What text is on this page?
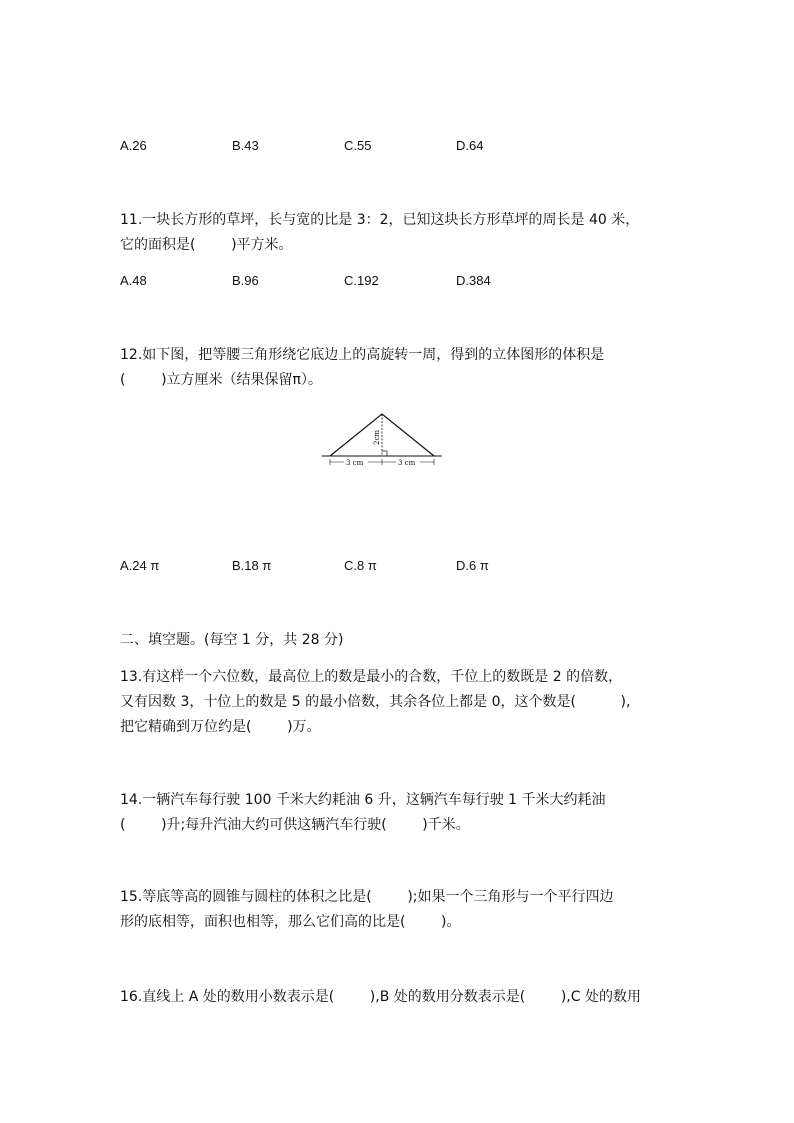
A.26	B.43	C.55	D.64
11.一块长方形的草坪，长与宽的比是 3：2，已知这块长方形草坪的周长是 40 米，
它的面积是(        )平方米。
A.48	B.96	C.192	D.384
12.如下图，把等腰三角形绕它底边上的高旋转一周，得到的立体图形的体积是
(        )立方厘米（结果保留π）。
2cm
3 cm	3 cm
A.24 π	B.18 π	C.8 π	D.6 π
二、填空题。(每空 1 分，共 28 分)
13.有这样一个六位数，最高位上的数是最小的合数，千位上的数既是 2 的倍数，
又有因数 3，十位上的数是 5 的最小倍数，其余各位上都是 0，这个数是(          ),
把它精确到万位约是(        )万。
14.一辆汽车每行驶 100 千米大约耗油 6 升，这辆汽车每行驶 1 千米大约耗油
(        )升;每升汽油大约可供这辆汽车行驶(        )千米。
15.等底等高的圆锥与圆柱的体积之比是(        );如果一个三角形与一个平行四边
形的底相等，面积也相等，那么它们高的比是(        )。
16.直线上 A 处的数用小数表示是(        ),B 处的数用分数表示是(        ),C 处的数用
